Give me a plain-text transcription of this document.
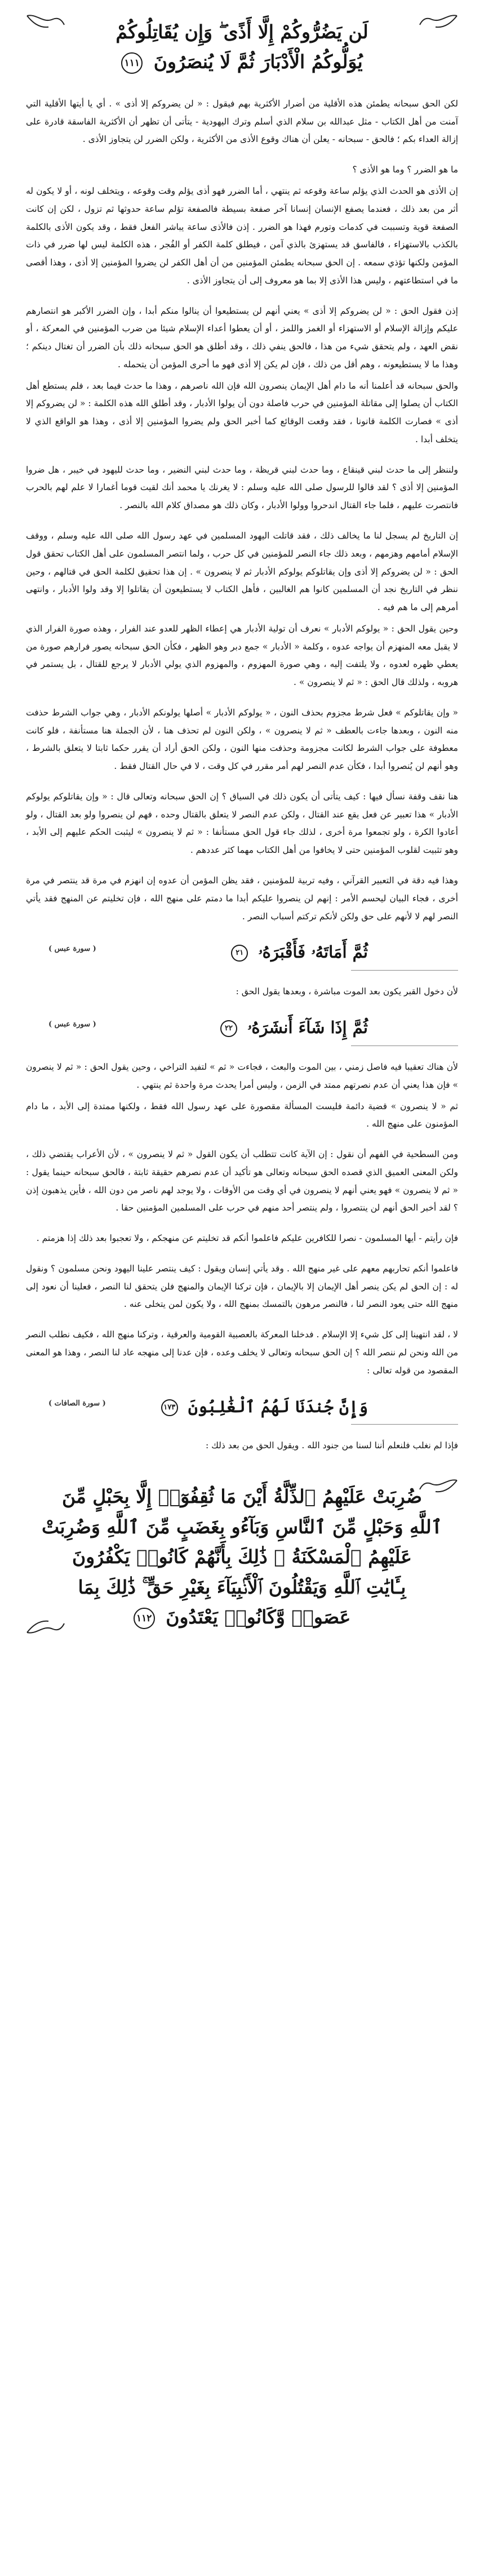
لَن يَضُرُّوكُمْ إِلَّا أَذًى ۖ وَإِن يُقَاتِلُوكُمْ
يُوَلُّوكُمُ الْأَدْبَارَ ثُمَّ لَا يُنصَرُونَ ١١١

لكن الحق سبحانه يطمئن هذه الأقلية من أضرار الأكثرية بهم فيقول : « لن يضروكم إلا أذى » . أي يا أيتها الأقلية التي آمنت من أهل الكتاب - مثل عبدالله بن سلام الذي أسلم وترك اليهودية - يتأتى أن تظهر أن الأكثرية الفاسقة قادرة على إزالة العداء بكم ؛ فالحق - سبحانه - يعلن أن هناك وقوع الأذى من الأكثرية ، ولكن الضرر لن يتجاوز الأذى .

ما هو الضرر ؟ وما هو الأذى ؟

إن الأذى هو الحدث الذي يؤلم ساعة وقوعه ثم ينتهي ، أما الضرر فهو أذى يؤلم وقت وقوعه ، ويتخلف لونه ، أو لا يكون له أثر من بعد ذلك ، فعندما يصفع الإنسان إنسانا آخر صفعة بسيطة فالصفعة تؤلم ساعة حدوثها ثم تزول ، لكن إن كانت الصفعة قوية وتسببت في كدمات وتورم فهذا هو الضرر . إذن فالأذى ساعة يباشر الفعل فقط ، وقد يكون الأذى بالكلمة بالكذب بالاستهزاء ، فالفاسق قد يستهزئ بالذي آمن ، فيطلق كلمة الكفر أو الفُجر ، هذه الكلمة ليس لها ضرر في ذات المؤمن ولكنها تؤذي سمعه . إن الحق سبحانه يطمئن المؤمنين من أن أهل الكفر لن يضروا المؤمنين إلا أذى ، وهذا أقصى ما في استطاعتهم ، وليس هذا الأذى إلا بما هو معروف إلى أن يتجاوز الأذى .

إذن فقول الحق : « لن يضروكم إلا أذى » يعني أنهم لن يستطيعوا أن ينالوا منكم أبدا ، وإن الضرر الأكبر هو انتصارهم عليكم وإزالة الإسلام أو الاستهزاء أو الغمز واللمز ، أو أن يعطوا أعداء الإسلام شيئا من ضرب المؤمنين في المعركة ، أو نقض العهد ، ولم يتحقق شيء من هذا ، فالحق ينفي ذلك ، وقد أطلق هو الحق سبحانه ذلك بأن الضرر أن تغتال دينكم ؛ وهذا ما لا يستطيعونه ، وهم أقل من ذلك ، فإن لم يكن إلا أذى فهو ما أحرى المؤمن أن يتحمله .

والحق سبحانه قد أعلمنا أنه ما دام أهل الإيمان ينصرون الله فإن الله ناصرهم ، وهذا ما حدث فيما بعد ، فلم يستطع أهل الكتاب أن يصلوا إلى مقاتلة المؤمنين في حرب فاصلة دون أن يولوا الأدبار ، وقد أطلق الله هذه الكلمة : « لن يضروكم إلا أذى » فصارت الكلمة قانونا ، فقد وقعت الوقائع كما أخبر الحق ولم يضروا المؤمنين إلا أذى ، وهذا هو الواقع الذي لا يتخلف أبدا .

ولننظر إلى ما حدث لبني قينقاع ، وما حدث لبني قريظة ، وما حدث لبني النضير ، وما حدث لليهود في خيبر ، هل ضروا المؤمنين إلا أذى ؟ لقد قالوا للرسول صلى الله عليه وسلم : لا يغرنك يا محمد أنك لقيت قوما أغمارا لا علم لهم بالحرب فانتصرت عليهم ، فلما جاء القتال اندحروا وولوا الأدبار ، وكان ذلك هو مصداق كلام الله بالنصر .

إن التاريخ لم يسجل لنا ما يخالف ذلك ، فقد قاتلت اليهود المسلمين في عهد رسول الله صلى الله عليه وسلم ، ووقف الإسلام أمامهم وهزمهم ، وبعد ذلك جاء النصر للمؤمنين في كل حرب ، ولما انتصر المسلمون على أهل الكتاب تحقق قول الحق : « لن يضروكم إلا أذى وإن يقاتلوكم يولوكم الأدبار ثم لا ينصرون » . إن هذا تحقيق لكلمة الحق في قتالهم ، وحين ننظر في التاريخ نجد أن المسلمين كانوا هم الغالبين ، فأهل الكتاب لا يستطيعون أن يقاتلوا إلا وقد ولوا الأدبار ، وانتهى أمرهم إلى ما هم فيه .

وحين يقول الحق : « يولوكم الأدبار » نعرف أن تولية الأدبار هي إعطاء الظهر للعدو عند الفرار ، وهذه صورة الفرار الذي لا يقبل معه المنهزم أن يواجه عدوه ، وكلمة « الأدبار » جمع دبر وهو الظهر ، فكأن الحق سبحانه يصور فرارهم صورة من يعطي ظهره لعدوه ، ولا يلتفت إليه ، وهي صورة المهزوم ، والمهزوم الذي يولي الأدبار لا يرجع للقتال ، بل يستمر في هروبه ، ولذلك قال الحق : « ثم لا ينصرون » .

« وإن يقاتلوكم » فعل شرط مجزوم بحذف النون ، « يولوكم الأدبار » أصلها يولونكم الأدبار ، وهي جواب الشرط حذفت منه النون ، وبعدها جاءت بالعطف « ثم لا ينصرون » ، ولكن النون لم تحذف هنا ، لأن الجملة هنا مستأنفة ، فلو كانت معطوفة على جواب الشرط لكانت مجزومة وحذفت منها النون ، ولكن الحق أراد أن يقرر حكما ثابتا لا يتعلق بالشرط ، وهو أنهم لن يُنصروا أبدا ، فكأن عدم النصر لهم أمر مقرر في كل وقت ، لا في حال القتال فقط .

هنا نقف وقفة نسأل فيها : كيف يتأتى أن يكون ذلك في السياق ؟ إن الحق سبحانه وتعالى قال : « وإن يقاتلوكم يولوكم الأدبار » هذا تعبير عن فعل يقع عند القتال ، ولكن عدم النصر لا يتعلق بالقتال وحده ، فهم لن ينصروا ولو بعد القتال ، ولو أعادوا الكرة ، ولو تجمعوا مرة أخرى ، لذلك جاء قول الحق مستأنفا : « ثم لا ينصرون » ليثبت الحكم عليهم إلى الأبد ، وهو تثبيت لقلوب المؤمنين حتى لا يخافوا من أهل الكتاب مهما كثر عددهم .

وهذا فيه دقة في التعبير القرآني ، وفيه تربية للمؤمنين ، فقد يظن المؤمن أن عدوه إن انهزم في مرة قد ينتصر في مرة أخرى ، فجاء البيان ليحسم الأمر : إنهم لن ينصروا عليكم أبدا ما دمتم على منهج الله ، فإن تخليتم عن المنهج فقد يأتي النصر لهم لا لأنهم على حق ولكن لأنكم تركتم أسباب النصر .

ثُمَّ أَمَاتَهُۥ فَأَقْبَرَهُۥ ٢١
( سورة عبس )

لأن دخول القبر يكون بعد الموت مباشرة ، وبعدها يقول الحق :

ثُمَّ إِذَا شَآءَ أَنشَرَهُۥ ٢٢
( سورة عبس )

لأن هناك تعقيبا فيه فاصل زمني ، بين الموت والبعث ، فجاءت « ثم » لتفيد التراخي ، وحين يقول الحق : « ثم لا ينصرون » فإن هذا يعني أن عدم نصرتهم ممتد في الزمن ، وليس أمرا يحدث مرة واحدة ثم ينتهي .

ثم « لا ينصرون » قضية دائمة فليست المسألة مقصورة على عهد رسول الله فقط ، ولكنها ممتدة إلى الأبد ، ما دام المؤمنون على منهج الله .

ومن السطحية في الفهم أن نقول : إن الآية كانت تتطلب أن يكون القول « ثم لا ينصرون » ، لأن الأعراب يقتضي ذلك ، ولكن المعنى العميق الذي قصده الحق سبحانه وتعالى هو تأكيد أن عدم نصرهم حقيقة ثابتة ، فالحق سبحانه حينما يقول : « ثم لا ينصرون » فهو يعني أنهم لا ينصرون في أي وقت من الأوقات ، ولا يوجد لهم ناصر من دون الله ، فأين يذهبون إذن ؟ لقد أخبر الحق أنهم لن ينتصروا ، ولم ينتصر أحد منهم في حرب على المسلمين المؤمنين حقا .

فإن رأيتم - أيها المسلمون - نصرا للكافرين عليكم فاعلموا أنكم قد تخليتم عن منهجكم ، ولا تعجبوا بعد ذلك إذا هزمتم .

فاعلموا أنكم تحاربهم معهم على غير منهج الله . وقد يأتي إنسان ويقول : كيف ينتصر علينا اليهود ونحن مسلمون ؟ ونقول له : إن الحق لم يكن ينصر أهل الإيمان إلا بالإيمان ، فإن تركنا الإيمان والمنهج فلن يتحقق لنا النصر ، فعلينا أن نعود إلى منهج الله حتى يعود النصر لنا ، فالنصر مرهون بالتمسك بمنهج الله ، ولا يكون لمن يتخلى عنه .

لا ، لقد انتهينا إلى كل شيء إلا الإسلام . فدخلنا المعركة بالعصبية القومية والعرقية ، وتركنا منهج الله ، فكيف نطلب النصر من الله ونحن لم ننصر الله ؟ إن الحق سبحانه وتعالى لا يخلف وعده ، فإن عدنا إلى منهجه عاد لنا النصر ، وهذا هو المعنى المقصود من قوله تعالى :

وَإِنَّ جُندَنَا لَهُمُ ٱلْغَٰلِبُونَ ١٧٣
( سورة الصافات )

فإذا لم نغلب فلنعلم أننا لسنا من جنود الله . ويقول الحق من بعد ذلك :

ضُرِبَتْ عَلَيْهِمُ ٱلذِّلَّةُ أَيْنَ مَا ثُقِفُوٓا۟ إِلَّا بِحَبْلٍ مِّنَ
ٱللَّهِ وَحَبْلٍ مِّنَ ٱلنَّاسِ وَبَآءُو بِغَضَبٍ مِّنَ ٱللَّهِ وَضُرِبَتْ
عَلَيْهِمُ ٱلْمَسْكَنَةُ ۚ ذَٰلِكَ بِأَنَّهُمْ كَانُوا۟ يَكْفُرُونَ
بِـَٔايَٰتِ ٱللَّهِ وَيَقْتُلُونَ ٱلْأَنۢبِيَآءَ بِغَيْرِ حَقٍّ ۚ ذَٰلِكَ بِمَا
عَصَوا۟ وَّكَانُوا۟ يَعْتَدُونَ ١١٢
